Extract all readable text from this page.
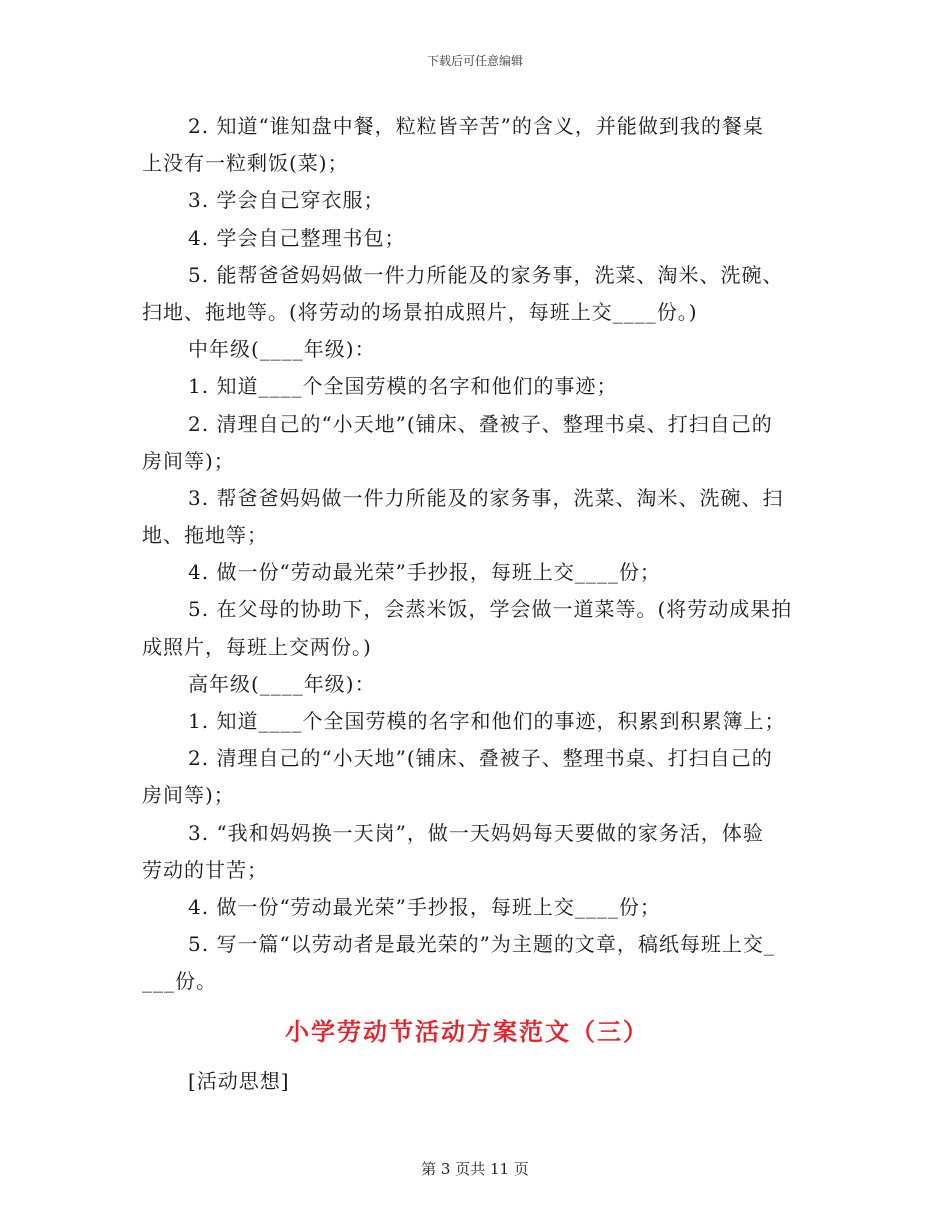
下载后可任意编辑
2. 知道“谁知盘中餐，粒粒皆辛苦”的含义，并能做到我的餐桌
上没有一粒剩饭(菜)；
3. 学会自己穿衣服；
4. 学会自己整理书包；
5. 能帮爸爸妈妈做一件力所能及的家务事，洗菜、淘米、洗碗、
扫地、拖地等。(将劳动的场景拍成照片，每班上交____份。)
中年级(____年级)：
1. 知道____个全国劳模的名字和他们的事迹；
2. 清理自己的“小天地”(铺床、叠被子、整理书桌、打扫自己的
房间等)；
3. 帮爸爸妈妈做一件力所能及的家务事，洗菜、淘米、洗碗、扫
地、拖地等；
4. 做一份“劳动最光荣”手抄报，每班上交____份；
5. 在父母的协助下，会蒸米饭，学会做一道菜等。(将劳动成果拍
成照片，每班上交两份。)
高年级(____年级)：
1. 知道____个全国劳模的名字和他们的事迹，积累到积累簿上；
2. 清理自己的“小天地”(铺床、叠被子、整理书桌、打扫自己的
房间等)；
3. “我和妈妈换一天岗”，做一天妈妈每天要做的家务活，体验
劳动的甘苦；
4. 做一份“劳动最光荣”手抄报，每班上交____份；
5. 写一篇“以劳动者是最光荣的”为主题的文章，稿纸每班上交_
___份。
小学劳动节活动方案范文（三）
[活动思想]
第 3 页共 11 页
